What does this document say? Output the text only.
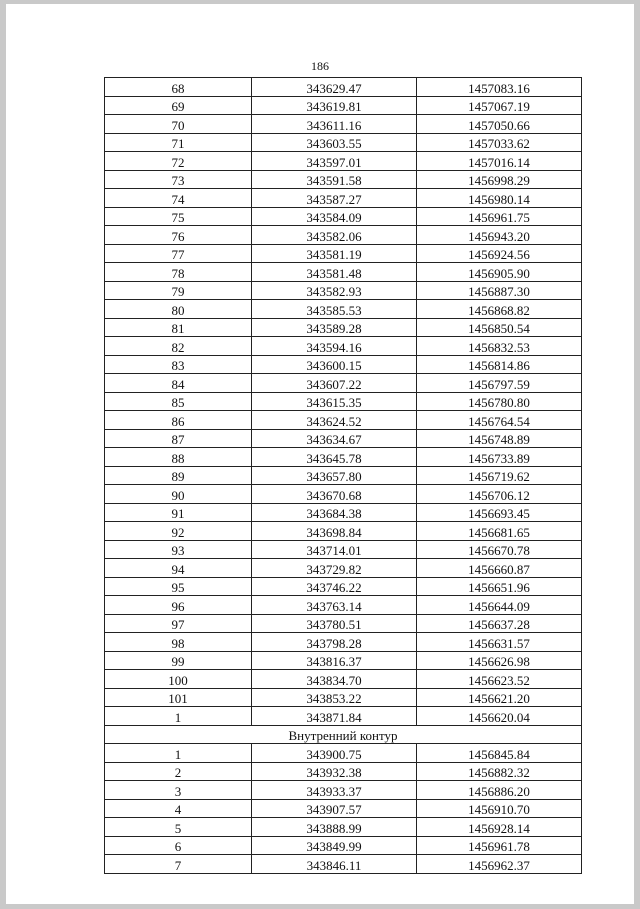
186
68	343629.47	1457083.16
69	343619.81	1457067.19
70	343611.16	1457050.66
71	343603.55	1457033.62
72	343597.01	1457016.14
73	343591.58	1456998.29
74	343587.27	1456980.14
75	343584.09	1456961.75
76	343582.06	1456943.20
77	343581.19	1456924.56
78	343581.48	1456905.90
79	343582.93	1456887.30
80	343585.53	1456868.82
81	343589.28	1456850.54
82	343594.16	1456832.53
83	343600.15	1456814.86
84	343607.22	1456797.59
85	343615.35	1456780.80
86	343624.52	1456764.54
87	343634.67	1456748.89
88	343645.78	1456733.89
89	343657.80	1456719.62
90	343670.68	1456706.12
91	343684.38	1456693.45
92	343698.84	1456681.65
93	343714.01	1456670.78
94	343729.82	1456660.87
95	343746.22	1456651.96
96	343763.14	1456644.09
97	343780.51	1456637.28
98	343798.28	1456631.57
99	343816.37	1456626.98
100	343834.70	1456623.52
101	343853.22	1456621.20
1	343871.84	1456620.04
Внутренний контур		
1	343900.75	1456845.84
2	343932.38	1456882.32
3	343933.37	1456886.20
4	343907.57	1456910.70
5	343888.99	1456928.14
6	343849.99	1456961.78
7	343846.11	1456962.37
